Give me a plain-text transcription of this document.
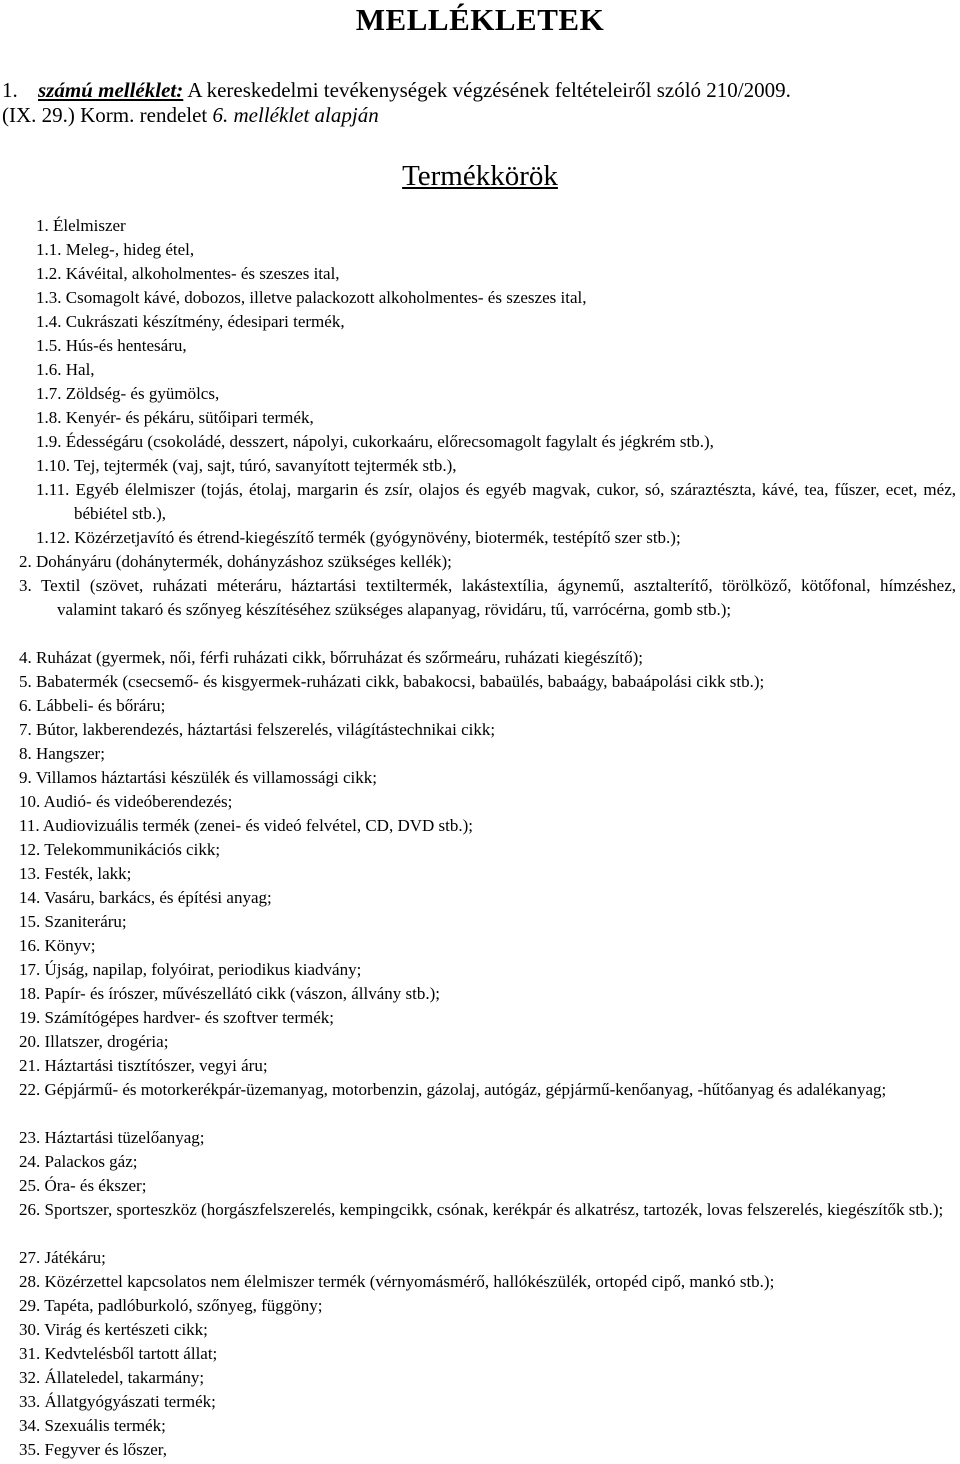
MELLÉKLETEK
1. számú melléklet: A kereskedelmi tevékenységek végzésének feltételeiről szóló 210/2009.
(IX. 29.) Korm. rendelet 6. melléklet alapján
Termékkörök
1. Élelmiszer
1.1. Meleg-, hideg étel,
1.2. Kávéital, alkoholmentes- és szeszes ital,
1.3. Csomagolt kávé, dobozos, illetve palackozott alkoholmentes- és szeszes ital,
1.4. Cukrászati készítmény, édesipari termék,
1.5. Hús-és hentesáru,
1.6. Hal,
1.7. Zöldség- és gyümölcs,
1.8. Kenyér- és pékáru, sütőipari termék,
1.9. Édességáru (csokoládé, desszert, nápolyi, cukorkaáru, előrecsomagolt fagylalt és jégkrém stb.),
1.10. Tej, tejtermék (vaj, sajt, túró, savanyított tejtermék stb.),
1.11. Egyéb élelmiszer (tojás, étolaj, margarin és zsír, olajos és egyéb magvak, cukor, só, száraztészta, kávé, tea, fűszer, ecet, méz, bébiétel stb.),
1.12. Közérzetjavító és étrend-kiegészítő termék (gyógynövény, biotermék, testépítő szer stb.);
2. Dohányáru (dohánytermék, dohányzáshoz szükséges kellék);
3. Textil (szövet, ruházati méteráru, háztartási textiltermék, lakástextília, ágynemű, asztalterítő, törölköző, kötőfonal, hímzéshez, valamint takaró és szőnyeg készítéséhez szükséges alapanyag, rövidáru, tű, varrócérna, gomb stb.);
4. Ruházat (gyermek, női, férfi ruházati cikk, bőrruházat és szőrmeáru, ruházati kiegészítő);
5. Babatermék (csecsemő- és kisgyermek-ruházati cikk, babakocsi, babaülés, babaágy, babaápolási cikk stb.);
6. Lábbeli- és bőráru;
7. Bútor, lakberendezés, háztartási felszerelés, világítástechnikai cikk;
8. Hangszer;
9. Villamos háztartási készülék és villamossági cikk;
10. Audió- és videóberendezés;
11. Audiovizuális termék (zenei- és videó felvétel, CD, DVD stb.);
12. Telekommunikációs cikk;
13. Festék, lakk;
14. Vasáru, barkács, és építési anyag;
15. Szaniteráru;
16. Könyv;
17. Újság, napilap, folyóirat, periodikus kiadvány;
18. Papír- és írószer, művészellátó cikk (vászon, állvány stb.);
19. Számítógépes hardver- és szoftver termék;
20. Illatszer, drogéria;
21. Háztartási tisztítószer, vegyi áru;
22. Gépjármű- és motorkerékpár-üzemanyag, motorbenzin, gázolaj, autógáz, gépjármű-kenőanyag, -hűtőanyag és adalékanyag;
23. Háztartási tüzelőanyag;
24. Palackos gáz;
25. Óra- és ékszer;
26. Sportszer, sporteszköz (horgászfelszerelés, kempingcikk, csónak, kerékpár és alkatrész, tartozék, lovas felszerelés, kiegészítők stb.);
27. Játékáru;
28. Közérzettel kapcsolatos nem élelmiszer termék (vérnyomásmérő, hallókészülék, ortopéd cipő, mankó stb.);
29. Tapéta, padlóburkoló, szőnyeg, függöny;
30. Virág és kertészeti cikk;
31. Kedvtelésből tartott állat;
32. Állateledel, takarmány;
33. Állatgyógyászati termék;
34. Szexuális termék;
35. Fegyver és lőszer,
